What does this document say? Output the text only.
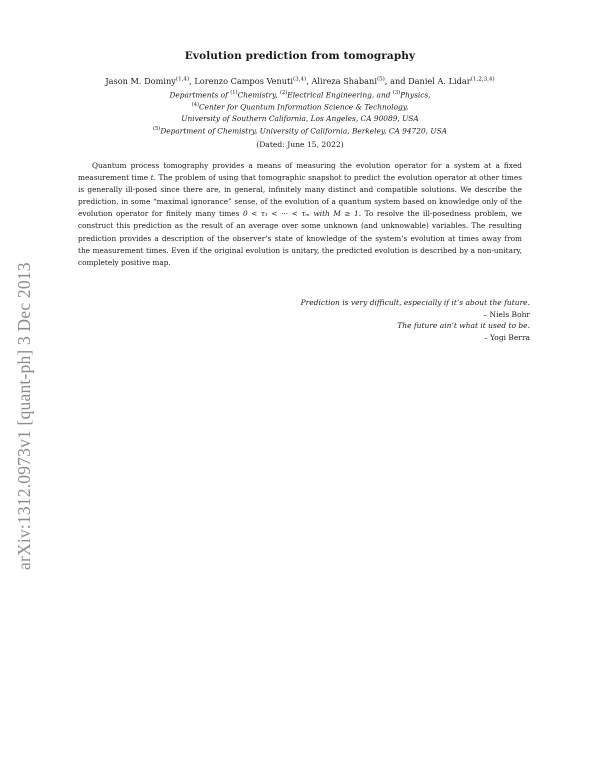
arXiv:1312.0973v1 [quant-ph] 3 Dec 2013
Evolution prediction from tomography
Jason M. Dominy$^{(1,4)}$, Lorenzo Campos Venuti$^{(3,4)}$, Alireza Shabani$^{(5)}$, and Daniel A. Lidar$^{(1,2,3,4)}$
Departments of $^{(1)}$Chemistry, $^{(2)}$Electrical Engineering, and $^{(3)}$Physics,
$^{(4)}$Center for Quantum Information Science & Technology,
University of Southern California, Los Angeles, CA 90089, USA
$^{(5)}$Department of Chemistry, University of California, Berkeley, CA 94720, USA
(Dated: June 15, 2022)

Quantum process tomography provides a means of measuring the evolution operator for a system at a fixed measurement time t. The problem of using that tomographic snapshot to predict the evolution operator at other times is generally ill-posed since there are, in general, infinitely many distinct and compatible solutions. We describe the prediction, in some “maximal ignorance” sense, of the evolution of a quantum system based on knowledge only of the evolution operator for finitely many times 0 < τ₁ < ··· < τₘ with M ≥ 1. To resolve the ill-posedness problem, we construct this prediction as the result of an average over some unknown (and unknowable) variables. The resulting prediction provides a description of the observer’s state of knowledge of the system’s evolution at times away from the measurement times. Even if the original evolution is unitary, the predicted evolution is described by a non-unitary, completely positive map.

Prediction is very difficult, especially if it’s about the future.
– Niels Bohr
The future ain’t what it used to be.
– Yogi Berra
